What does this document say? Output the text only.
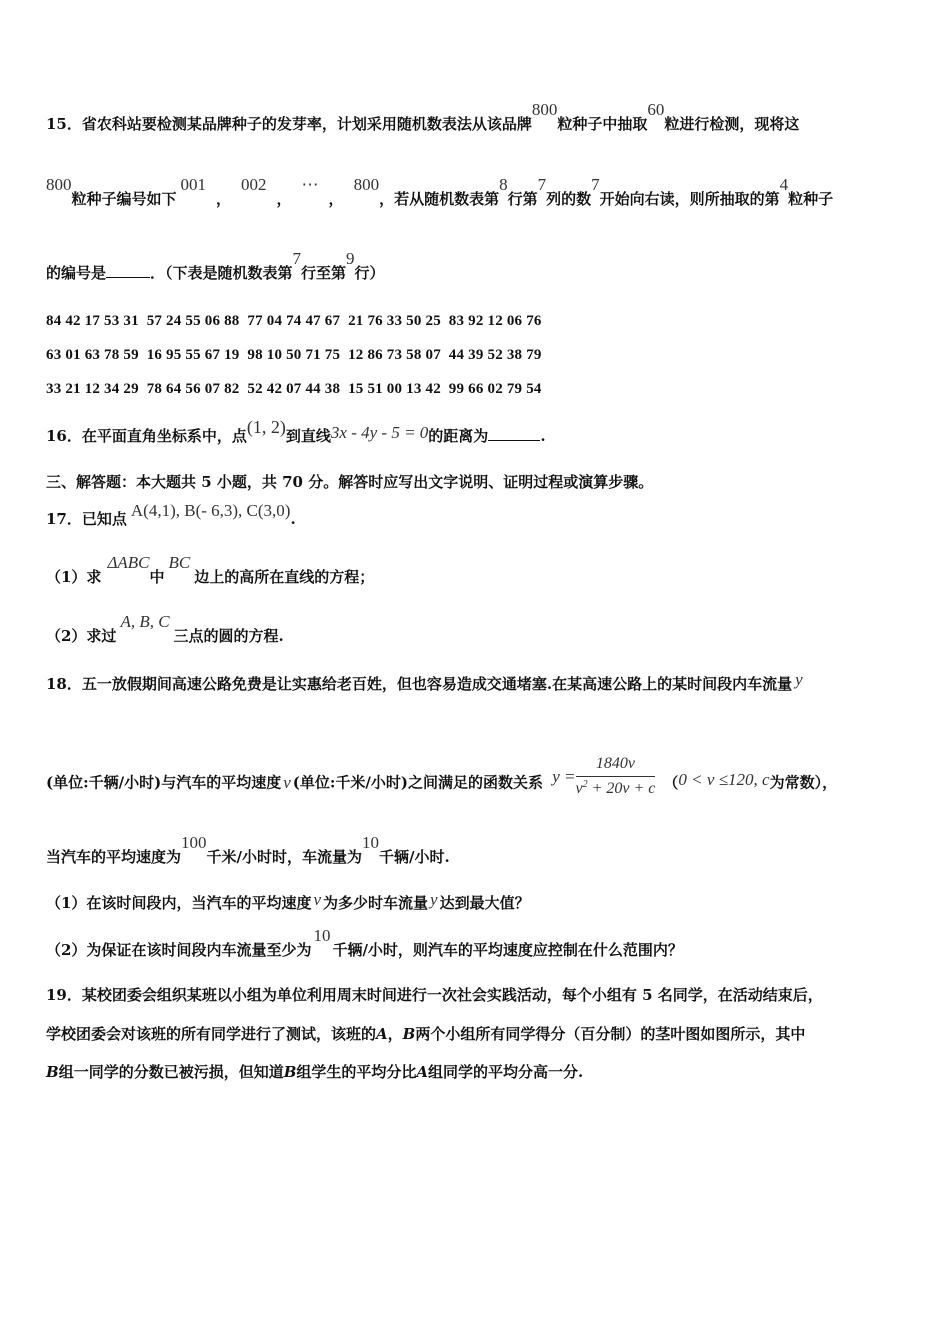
15．省农科站要检测某品牌种子的发芽率，计划采用随机数表法从该品牌800粒种子中抽取60粒进行检测，现将这
800粒种子编号如下001，002，⋯，800，若从随机数表第8行第7列的数7开始向右读，则所抽取的第4粒种子
的编号是	．（下表是随机数表第7行至第9行）
84 42 17 53 31  57 24 55 06 88  77 04 74 47 67  21 76 33 50 25  83 92 12 06 76
63 01 63 78 59  16 95 55 67 19  98 10 50 71 75  12 86 73 58 07  44 39 52 38 79
33 21 12 34 29  78 64 56 07 82  52 42 07 44 38  15 51 00 13 42  99 66 02 79 54
16．在平面直角坐标系中，点(1, 2)到直线3x - 4y - 5 = 0的距离为	.
三、解答题：本大题共 5 小题，共 70 分。解答时应写出文字说明、证明过程或演算步骤。
17．已知点 A(4,1), B(- 6,3), C(3,0).
（1）求ΔABC中BC边上的高所在直线的方程；
（2）求过A, B, C三点的圆的方程.
18．五一放假期间高速公路免费是让实惠给老百姓，但也容易造成交通堵塞.在某高速公路上的某时间段内车流量 y
(单位:千辆/小时)与汽车的平均速度 v (单位:千米/小时)之间满足的函数关系 $y = \frac{1840v}{v^2 + 20v + c} (0 < v \le 120$, c为常数），
当汽车的平均速度为100千米/小时时，车流量为10千辆/小时.
（1）在该时间段内，当汽车的平均速度 v 为多少时车流量 y 达到最大值？
（2）为保证在该时间段内车流量至少为10千辆/小时，则汽车的平均速度应控制在什么范围内？
19．某校团委会组织某班以小组为单位利用周末时间进行一次社会实践活动，每个小组有 5 名同学，在活动结束后，
学校团委会对该班的所有同学进行了测试，该班的A，B两个小组所有同学得分（百分制）的茎叶图如图所示，其中
B组一同学的分数已被污损，但知道B组学生的平均分比A组同学的平均分高一分.
